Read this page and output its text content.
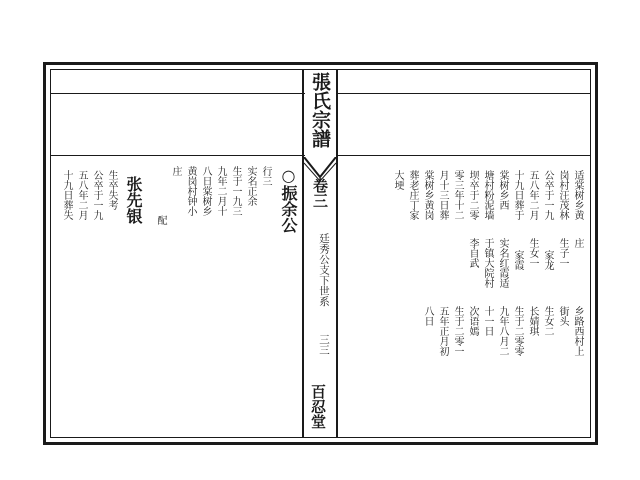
張氏宗譜
卷三
廷秀公支下世系
三三
百忍堂
○振余公
行三
实名正余
生于一九三
九年二月十
八日棠树乡
黄岗村钟小
庄
配
张先银
生卒失考
公卒于一九
五八年二月
十九日葬失	适棠树乡黄
岗村汪茂林
公卒于一九
五八年二月
十九日葬于
棠树乡西
塘村粉泥墙
坝卒于二零
零三年十二
月十三日葬
棠树乡黄岗
葬老庄丁家
大埂
庄
生子一
家龙
生女一
家霞
实名红霞适
于镇大院村
李自武
乡路西村上
街头
生女二
长婧琪
生于二零零
九年八月二
十一日
次语嫣
生于二零一
五年正月初
八日
